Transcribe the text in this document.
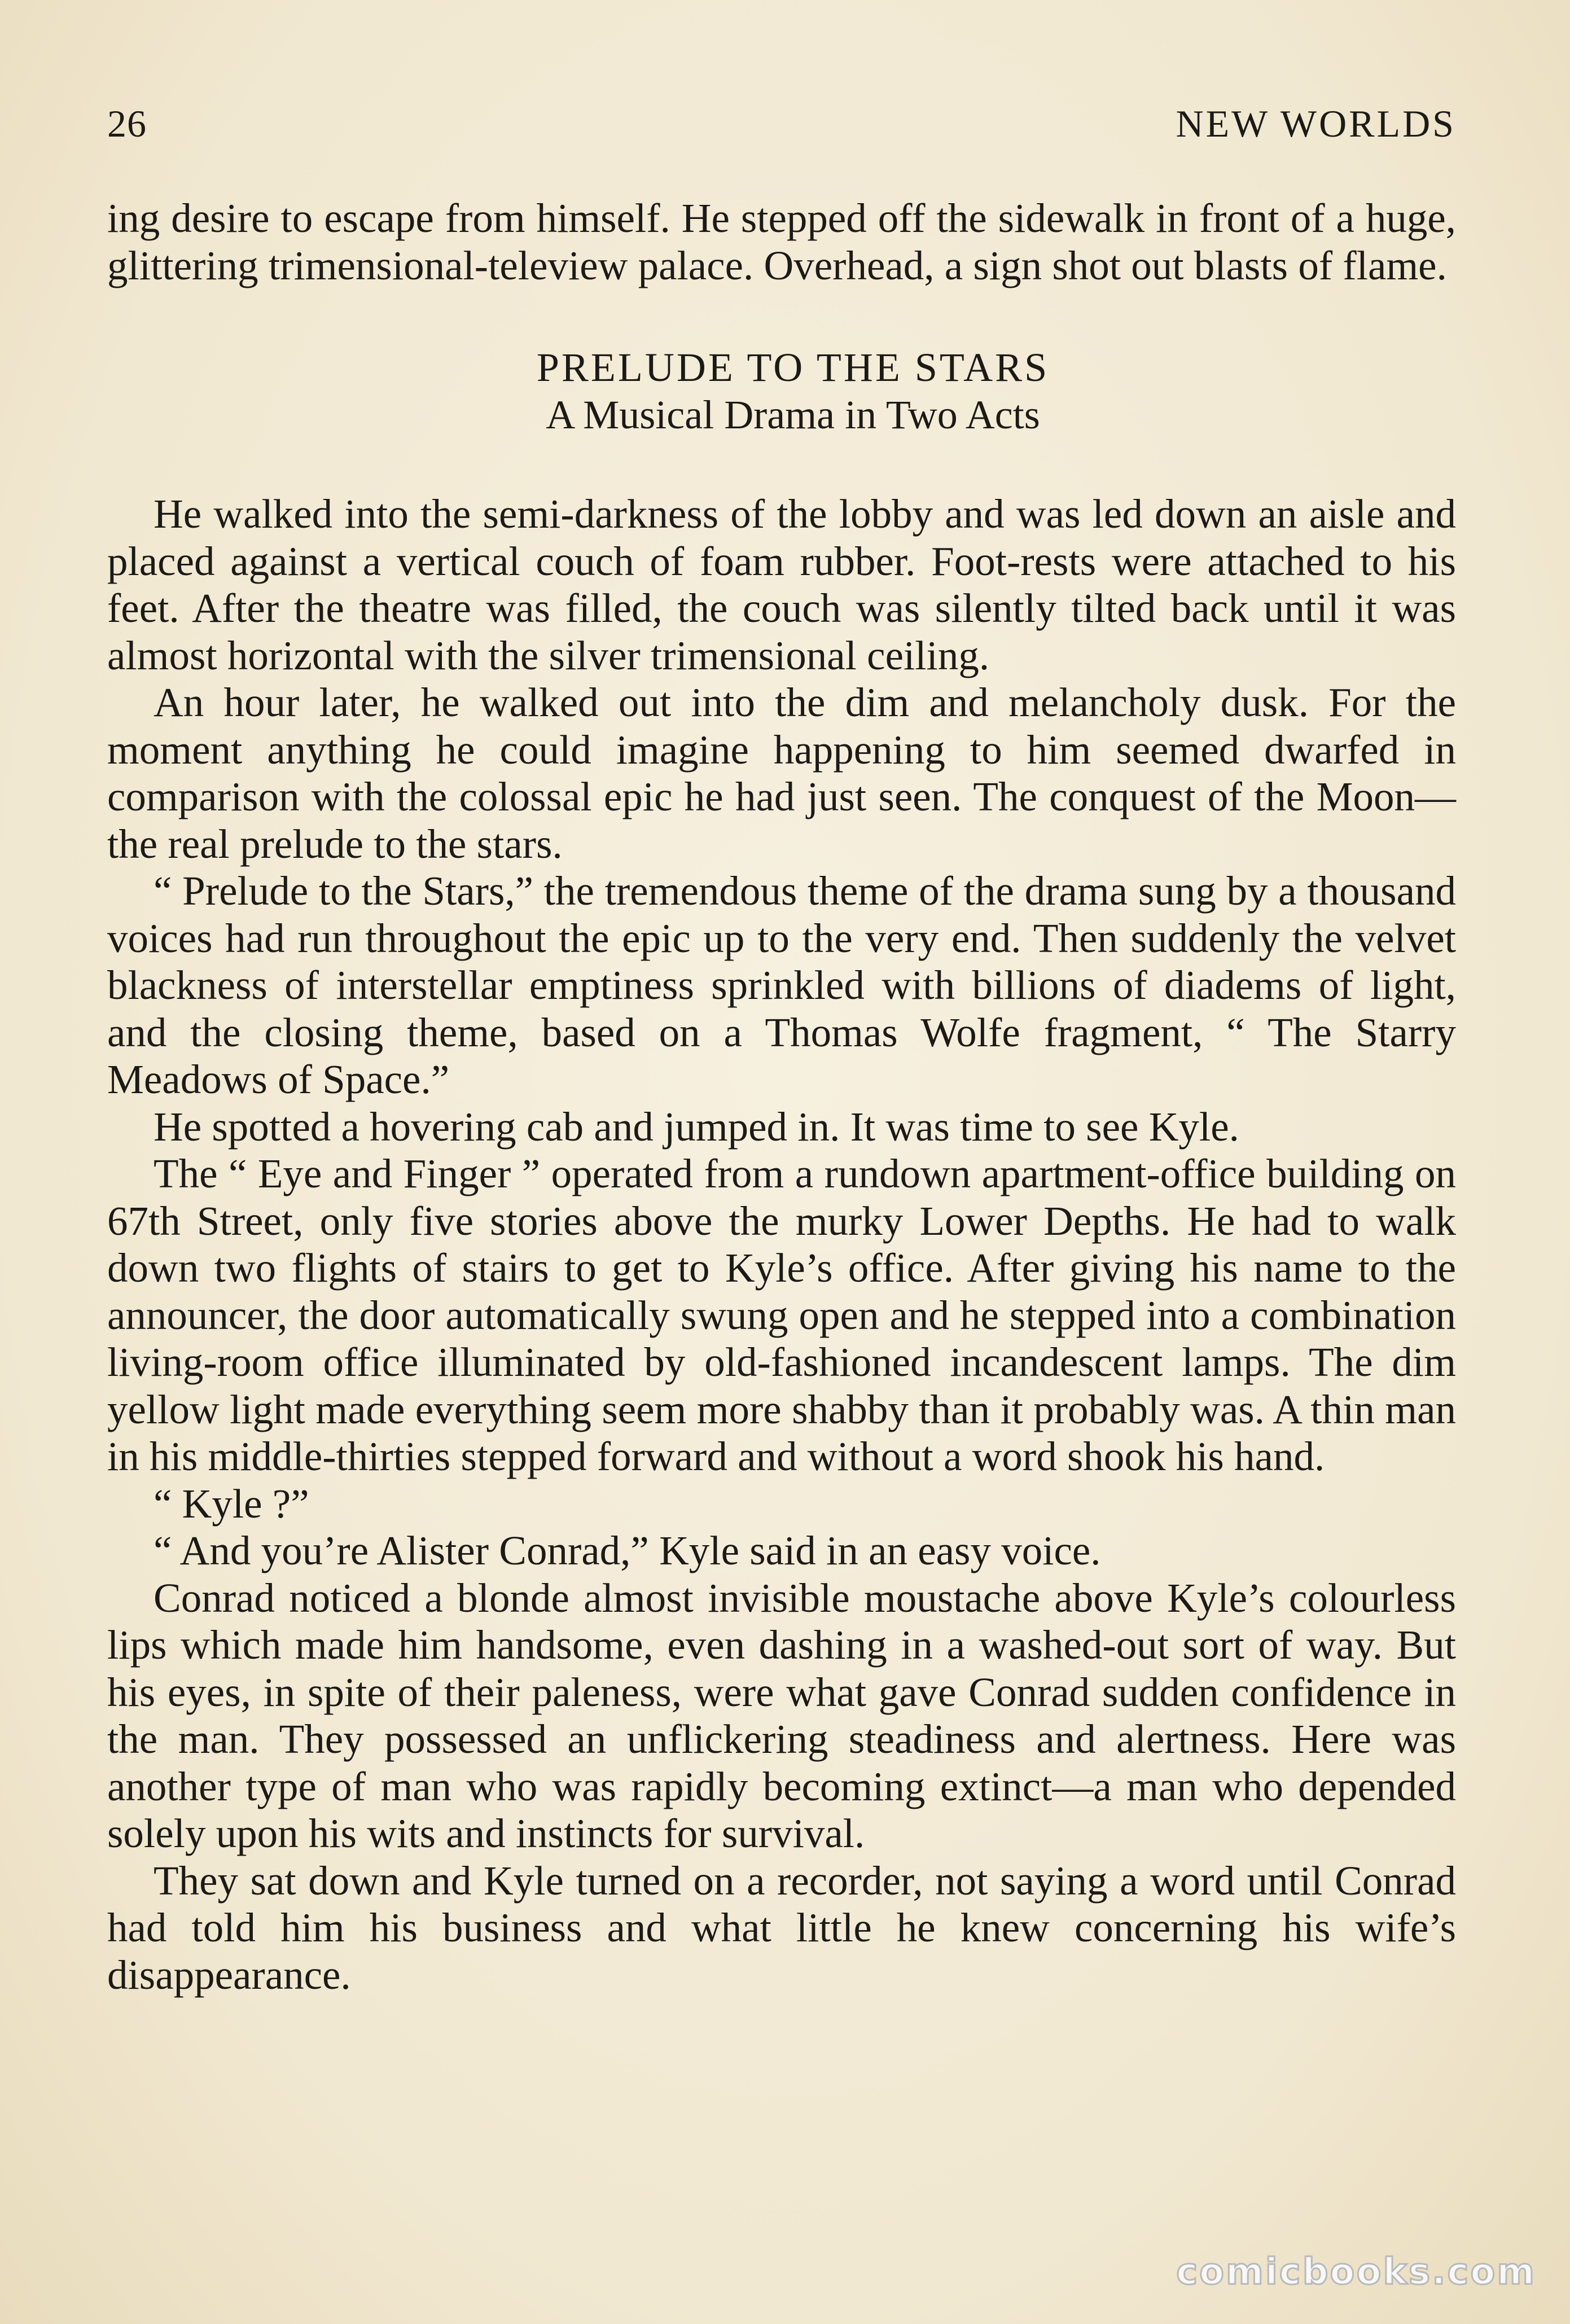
26	NEW WORLDS

ing desire to escape from himself. He stepped off the sidewalk in front of a huge, glittering trimensional-teleview palace. Overhead, a sign shot out blasts of flame.

PRELUDE TO THE STARS
A Musical Drama in Two Acts

He walked into the semi-darkness of the lobby and was led down an aisle and placed against a vertical couch of foam rubber. Foot-rests were attached to his feet. After the theatre was filled, the couch was silently tilted back until it was almost horizontal with the silver trimensional ceiling.

An hour later, he walked out into the dim and melancholy dusk. For the moment anything he could imagine happening to him seemed dwarfed in comparison with the colossal epic he had just seen. The conquest of the Moon—the real prelude to the stars.

“ Prelude to the Stars,” the tremendous theme of the drama sung by a thousand voices had run throughout the epic up to the very end. Then suddenly the velvet blackness of interstellar emptiness sprinkled with billions of diadems of light, and the closing theme, based on a Thomas Wolfe fragment, “ The Starry Meadows of Space.”

He spotted a hovering cab and jumped in. It was time to see Kyle.

The “ Eye and Finger ” operated from a rundown apartment-office building on 67th Street, only five stories above the murky Lower Depths. He had to walk down two flights of stairs to get to Kyle’s office. After giving his name to the announcer, the door automatically swung open and he stepped into a combination living-room office illuminated by old-fashioned incandescent lamps. The dim yellow light made everything seem more shabby than it probably was. A thin man in his middle-thirties stepped forward and without a word shook his hand.

“ Kyle ?”

“ And you’re Alister Conrad,” Kyle said in an easy voice.

Conrad noticed a blonde almost invisible moustache above Kyle’s colourless lips which made him handsome, even dashing in a washed-out sort of way. But his eyes, in spite of their paleness, were what gave Conrad sudden confidence in the man. They possessed an unflickering steadiness and alertness. Here was another type of man who was rapidly becoming extinct—a man who depended solely upon his wits and instincts for survival.

They sat down and Kyle turned on a recorder, not saying a word until Conrad had told him his business and what little he knew concerning his wife’s disappearance.

comicbooks.com
